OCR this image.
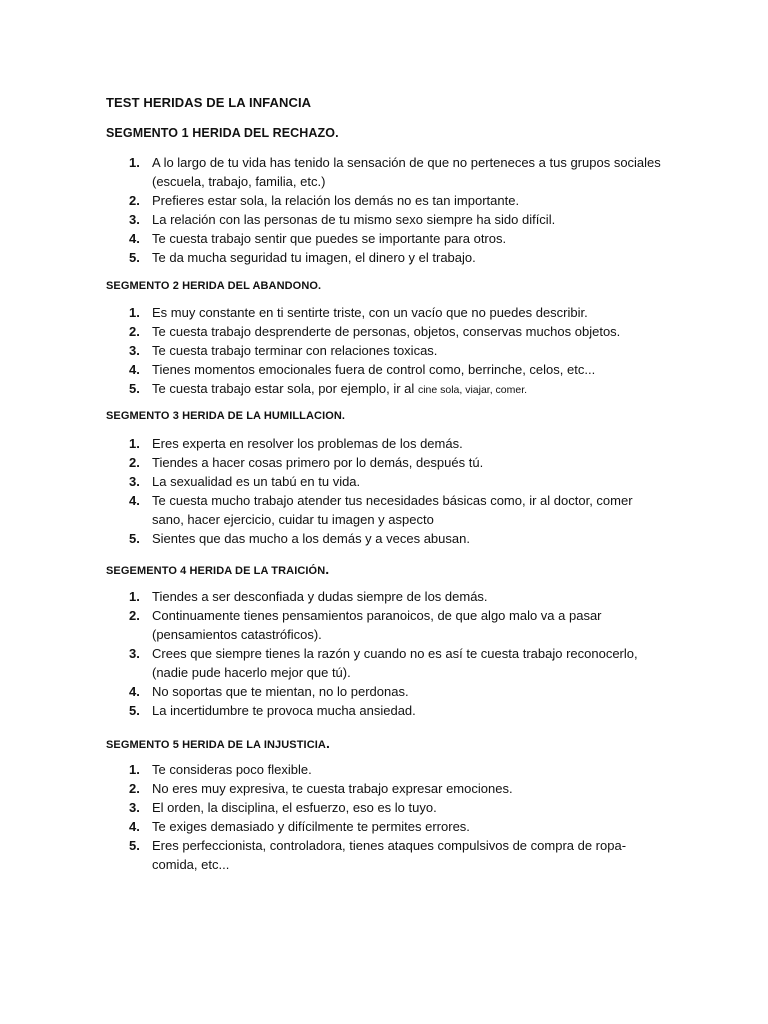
TEST HERIDAS DE LA INFANCIA
SEGMENTO 1 HERIDA DEL RECHAZO.
1. A lo largo de tu vida has tenido la sensación de que no perteneces a tus grupos sociales (escuela, trabajo, familia, etc.)
2. Prefieres estar sola, la relación los demás no es tan importante.
3. La relación con las personas de tu mismo sexo siempre ha sido difícil.
4. Te cuesta trabajo sentir que puedes se importante para otros.
5. Te da mucha seguridad tu imagen, el dinero y el trabajo.
SEGMENTO 2 HERIDA DEL ABANDONO.
1. Es muy constante en ti sentirte triste, con un vacío que no puedes describir.
2. Te cuesta trabajo desprenderte de personas, objetos, conservas muchos objetos.
3. Te cuesta trabajo terminar con relaciones toxicas.
4. Tienes momentos emocionales fuera de control como, berrinche, celos, etc...
5. Te cuesta trabajo estar sola, por ejemplo, ir al cine sola, viajar, comer.
SEGMENTO 3 HERIDA DE LA HUMILLACION.
1. Eres experta en resolver los problemas de los demás.
2. Tiendes a hacer cosas primero por lo demás, después tú.
3. La sexualidad es un tabú en tu vida.
4. Te cuesta mucho trabajo atender tus necesidades básicas como, ir al doctor, comer sano, hacer ejercicio, cuidar tu imagen y aspecto
5. Sientes que das mucho a los demás y a veces abusan.
SEGEMENTO 4 HERIDA DE LA TRAICIÓN.
1. Tiendes a ser desconfiada y dudas siempre de los demás.
2. Continuamente tienes pensamientos paranoicos, de que algo malo va a pasar (pensamientos catastróficos).
3. Crees que siempre tienes la razón y cuando no es así te cuesta trabajo reconocerlo, (nadie pude hacerlo mejor que tú).
4. No soportas que te mientan, no lo perdonas.
5. La incertidumbre te provoca mucha ansiedad.
SEGMENTO 5 HERIDA DE LA INJUSTICIA.
1. Te consideras poco flexible.
2. No eres muy expresiva, te cuesta trabajo expresar emociones.
3. El orden, la disciplina, el esfuerzo, eso es lo tuyo.
4. Te exiges demasiado y difícilmente te permites errores.
5. Eres perfeccionista, controladora, tienes ataques compulsivos de compra de ropa- comida, etc...
